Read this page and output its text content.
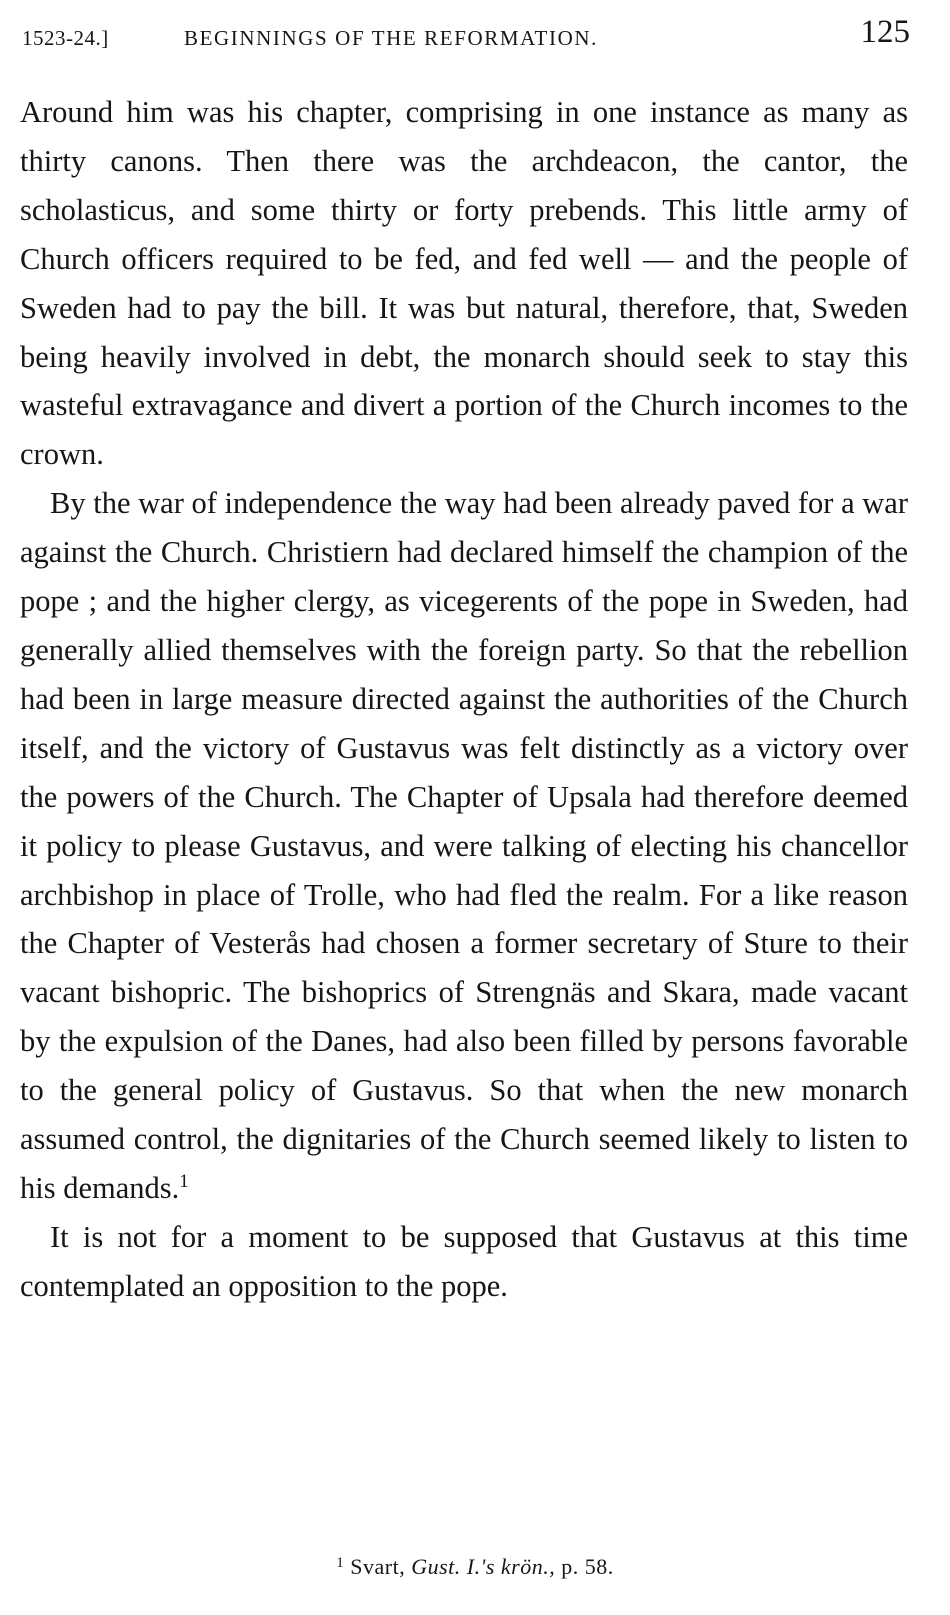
1523-24.]	BEGINNINGS OF THE REFORMATION.	125

Around him was his chapter, comprising in one instance as many as thirty canons. Then there was the archdeacon, the cantor, the scholasticus, and some thirty or forty prebends. This little army of Church officers required to be fed, and fed well — and the people of Sweden had to pay the bill. It was but natural, therefore, that, Sweden being heavily involved in debt, the monarch should seek to stay this wasteful extravagance and divert a portion of the Church incomes to the crown.

By the war of independence the way had been already paved for a war against the Church. Christiern had declared himself the champion of the pope ; and the higher clergy, as vicegerents of the pope in Sweden, had generally allied themselves with the foreign party. So that the rebellion had been in large measure directed against the authorities of the Church itself, and the victory of Gustavus was felt distinctly as a victory over the powers of the Church. The Chapter of Upsala had therefore deemed it policy to please Gustavus, and were talking of electing his chancellor archbishop in place of Trolle, who had fled the realm. For a like reason the Chapter of Vesterås had chosen a former secretary of Sture to their vacant bishopric. The bishoprics of Strengnäs and Skara, made vacant by the expulsion of the Danes, had also been filled by persons favorable to the general policy of Gustavus. So that when the new monarch assumed control, the dignitaries of the Church seemed likely to listen to his demands.$^1$

It is not for a moment to be supposed that Gustavus at this time contemplated an opposition to the pope.

$^1$ Svart, Gust. I.'s krön., p. 58.
